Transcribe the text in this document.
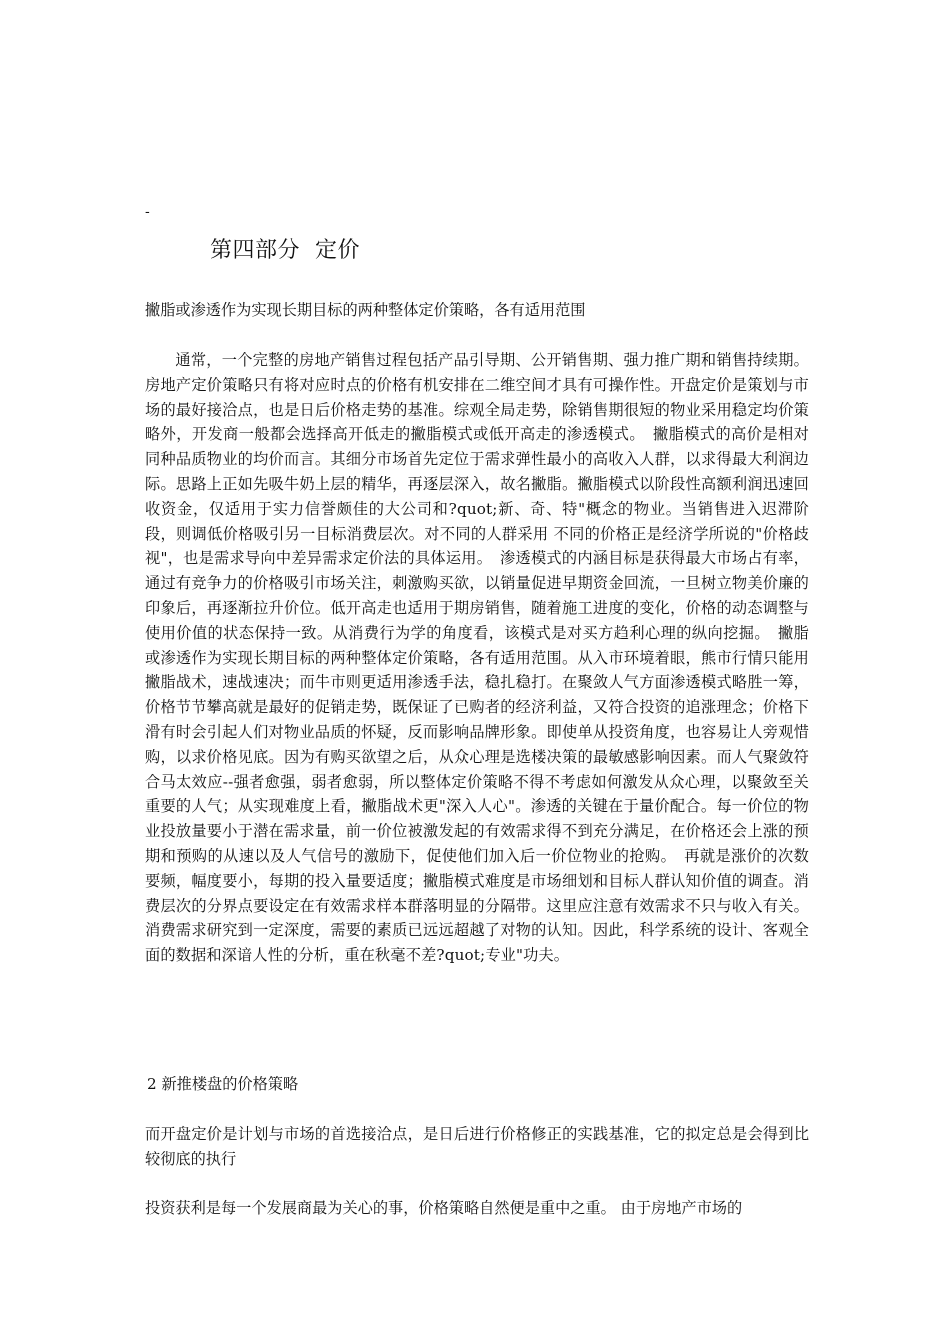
-
第四部分  定价

撇脂或渗透作为实现长期目标的两种整体定价策略，各有适用范围

通常，一个完整的房地产销售过程包括产品引导期、公开销售期、强力推广期和销售持续期。房地产定价策略只有将对应时点的价格有机安排在二维空间才具有可操作性。开盘定价是策划与市场的最好接洽点，也是日后价格走势的基准。综观全局走势，除销售期很短的物业采用稳定均价策略外，开发商一般都会选择高开低走的撇脂模式或低开高走的渗透模式。　撇脂模式的高价是相对同种品质物业的均价而言。其细分市场首先定位于需求弹性最小的高收入人群，以求得最大利润边际。思路上正如先吸牛奶上层的精华，再逐层深入，故名撇脂。撇脂模式以阶段性高额利润迅速回收资金，仅适用于实力信誉颇佳的大公司和?quot;新、奇、特"概念的物业。当销售进入迟滞阶段，则调低价格吸引另一目标消费层次。对不同的人群采用 不同的价格正是经济学所说的"价格歧视"，也是需求导向中差异需求定价法的具体运用。　渗透模式的内涵目标是获得最大市场占有率，通过有竞争力的价格吸引市场关注，刺激购买欲，以销量促进早期资金回流，一旦树立物美价廉的印象后，再逐渐拉升价位。低开高走也适用于期房销售，随着施工进度的变化，价格的动态调整与使用价值的状态保持一致。从消费行为学的角度看，该模式是对买方趋利心理的纵向挖掘。　撇脂或渗透作为实现长期目标的两种整体定价策略，各有适用范围。从入市环境着眼，熊市行情只能用撇脂战术，速战速决；而牛市则更适用渗透手法，稳扎稳打。在聚敛人气方面渗透模式略胜一筹，价格节节攀高就是最好的促销走势，既保证了已购者的经济利益，又符合投资的追涨理念；价格下滑有时会引起人们对物业品质的怀疑，反而影响品牌形象。即使单从投资角度，也容易让人旁观惜购，以求价格见底。因为有购买欲望之后，从众心理是选楼决策的最敏感影响因素。而人气聚敛符合马太效应--强者愈强，弱者愈弱，所以整体定价策略不得不考虑如何激发从众心理，以聚敛至关重要的人气；从实现难度上看，撇脂战术更"深入人心"。渗透的关键在于量价配合。每一价位的物业投放量要小于潜在需求量，前一价位被激发起的有效需求得不到充分满足，在价格还会上涨的预期和预购的从速以及人气信号的激励下，促使他们加入后一价位物业的抢购。　再就是涨价的次数要频，幅度要小，每期的投入量要适度；撇脂模式难度是市场细划和目标人群认知价值的调查。消费层次的分界点要设定在有效需求样本群落明显的分隔带。这里应注意有效需求不只与收入有关。消费需求研究到一定深度，需要的素质已远远超越了对物的认知。因此，科学系统的设计、客观全面的数据和深谙人性的分析，重在秋毫不差?quot;专业"功夫。

2 新推楼盘的价格策略

而开盘定价是计划与市场的首选接洽点，是日后进行价格修正的实践基准，它的拟定总是会得到比较彻底的执行

投资获利是每一个发展商最为关心的事，价格策略自然便是重中之重。 由于房地产市场的
